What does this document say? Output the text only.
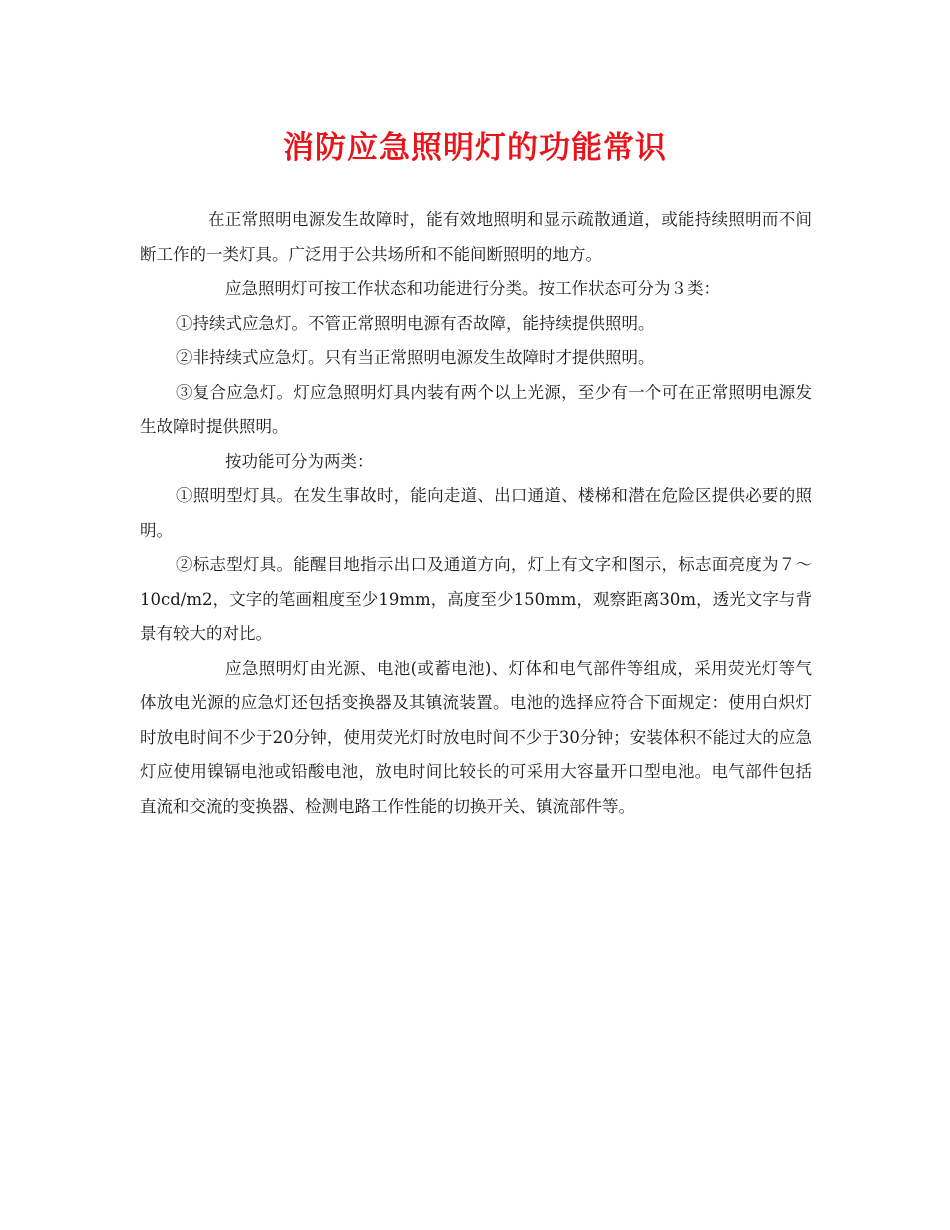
消防应急照明灯的功能常识

在正常照明电源发生故障时，能有效地照明和显示疏散通道，或能持续照明而不间断工作的一类灯具。广泛用于公共场所和不能间断照明的地方。

应急照明灯可按工作状态和功能进行分类。按工作状态可分为３类：

①持续式应急灯。不管正常照明电源有否故障，能持续提供照明。

②非持续式应急灯。只有当正常照明电源发生故障时才提供照明。

③复合应急灯。灯应急照明灯具内装有两个以上光源，至少有一个可在正常照明电源发生故障时提供照明。

按功能可分为两类：

①照明型灯具。在发生事故时，能向走道、出口通道、楼梯和潜在危险区提供必要的照明。

②标志型灯具。能醒目地指示出口及通道方向，灯上有文字和图示，标志面亮度为７～10cd/m2，文字的笔画粗度至少19mm，高度至少150mm，观察距离30m，透光文字与背景有较大的对比。

应急照明灯由光源、电池(或蓄电池)、灯体和电气部件等组成，采用荧光灯等气体放电光源的应急灯还包括变换器及其镇流装置。电池的选择应符合下面规定：使用白炽灯时放电时间不少于20分钟，使用荧光灯时放电时间不少于30分钟；安装体积不能过大的应急灯应使用镍镉电池或铅酸电池，放电时间比较长的可采用大容量开口型电池。电气部件包括直流和交流的变换器、检测电路工作性能的切换开关、镇流部件等。
